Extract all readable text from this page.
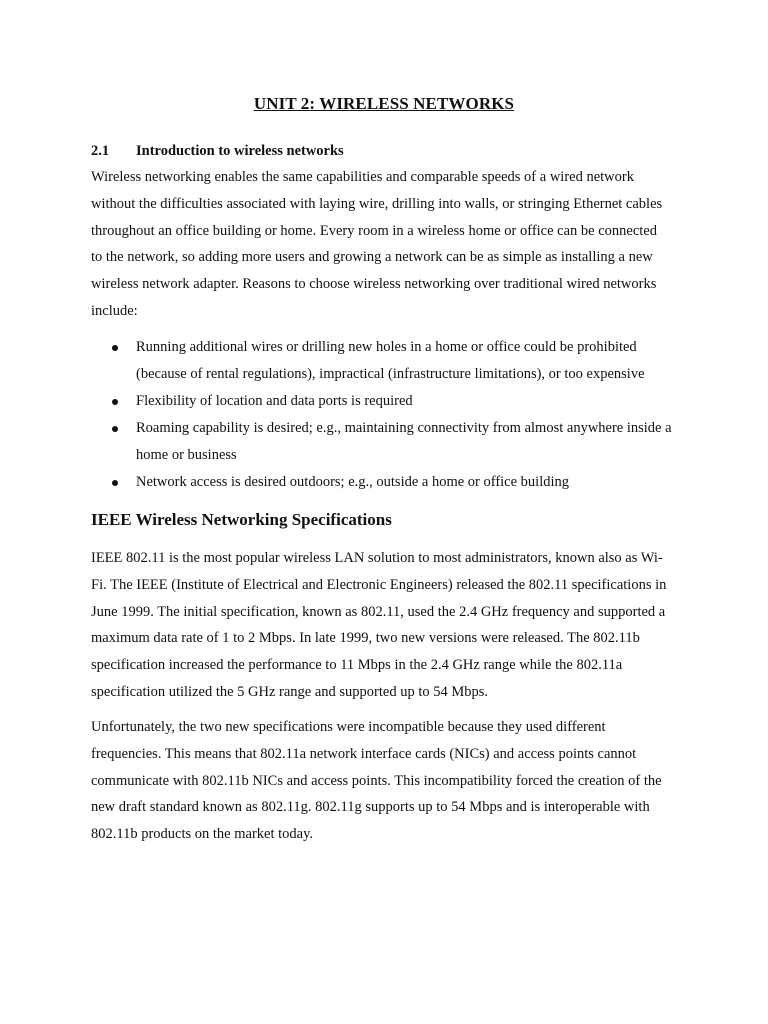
UNIT 2: WIRELESS NETWORKS
2.1 Introduction to wireless networks

Wireless networking enables the same capabilities and comparable speeds of a wired network without the difficulties associated with laying wire, drilling into walls, or stringing Ethernet cables throughout an office building or home. Every room in a wireless home or office can be connected to the network, so adding more users and growing a network can be as simple as installing a new wireless network adapter. Reasons to choose wireless networking over traditional wired networks include:

Running additional wires or drilling new holes in a home or office could be prohibited (because of rental regulations), impractical (infrastructure limitations), or too expensive
Flexibility of location and data ports is required
Roaming capability is desired; e.g., maintaining connectivity from almost anywhere inside a home or business
Network access is desired outdoors; e.g., outside a home or office building
IEEE Wireless Networking Specifications

IEEE 802.11 is the most popular wireless LAN solution to most administrators, known also as Wi-Fi. The IEEE (Institute of Electrical and Electronic Engineers) released the 802.11 specifications in June 1999. The initial specification, known as 802.11, used the 2.4 GHz frequency and supported a maximum data rate of 1 to 2 Mbps. In late 1999, two new versions were released. The 802.11b specification increased the performance to 11 Mbps in the 2.4 GHz range while the 802.11a specification utilized the 5 GHz range and supported up to 54 Mbps.

Unfortunately, the two new specifications were incompatible because they used different frequencies. This means that 802.11a network interface cards (NICs) and access points cannot communicate with 802.11b NICs and access points. This incompatibility forced the creation of the new draft standard known as 802.11g. 802.11g supports up to 54 Mbps and is interoperable with 802.11b products on the market today.
